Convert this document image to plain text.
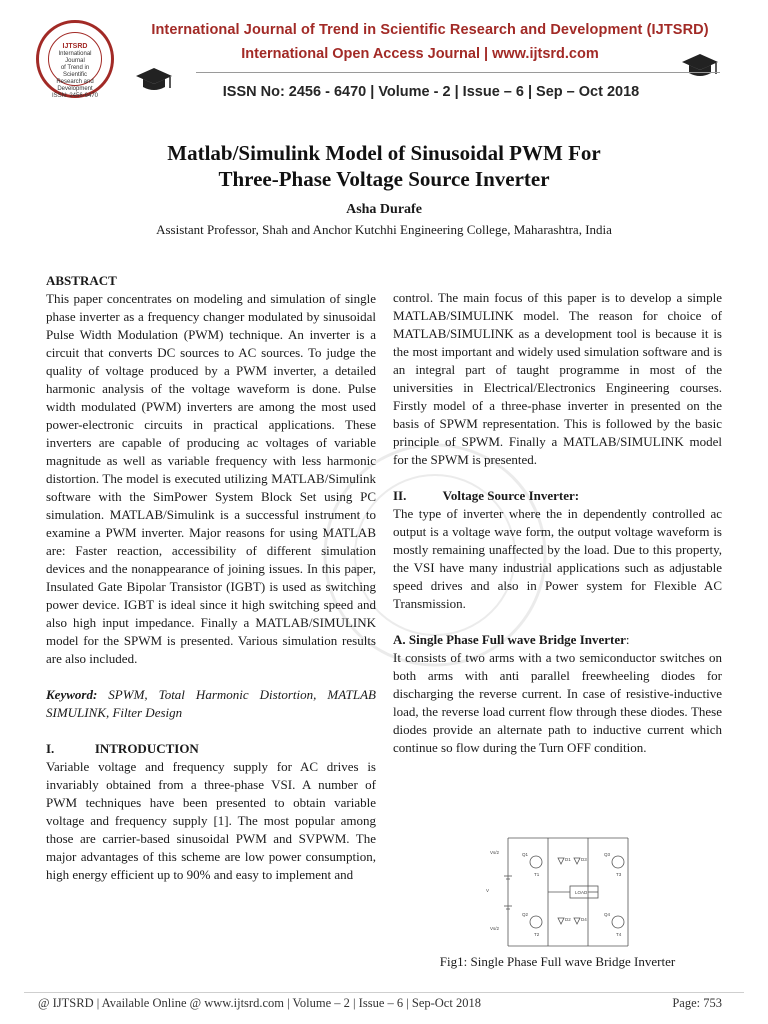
IJTSRD
International Journal
of Trend in Scientific
Research and
Development
ISSN: 2456-6470
International Journal of Trend in Scientific Research and Development (IJTSRD)
International Open Access Journal | www.ijtsrd.com
ISSN No: 2456 - 6470 | Volume - 2 | Issue – 6 | Sep – Oct 2018
Matlab/Simulink Model of Sinusoidal PWM For
Three-Phase Voltage Source Inverter
Asha Durafe
Assistant Professor, Shah and Anchor Kutchhi Engineering College, Maharashtra, India
ABSTRACT

This paper concentrates on modeling and simulation of single phase inverter as a frequency changer modulated by sinusoidal Pulse Width Modulation (PWM) technique. An inverter is a circuit that converts DC sources to AC sources. To judge the quality of voltage produced by a PWM inverter, a detailed harmonic analysis of the voltage waveform is done. Pulse width modulated (PWM) inverters are among the most used power-electronic circuits in practical applications. These inverters are capable of producing ac voltages of variable magnitude as well as variable frequency with less harmonic distortion. The model is executed utilizing MATLAB/Simulink software with the SimPower System Block Set using PC simulation. MATLAB/Simulink is a successful instrument to examine a PWM inverter. Major reasons for using MATLAB are: Faster reaction, accessibility of different simulation devices and the nonappearance of joining issues. In this paper, Insulated Gate Bipolar Transistor (IGBT) is used as switching power device. IGBT is ideal since it high switching speed and also high input impedance. Finally a MATLAB/SIMULINK model for the SPWM is presented. Various simulation results are also included.

Keyword: SPWM, Total Harmonic Distortion, MATLAB SIMULINK, Filter Design

I.	INTRODUCTION

Variable voltage and frequency supply for AC drives is invariably obtained from a three-phase VSI. A number of PWM techniques have been presented to obtain variable voltage and frequency supply [1]. The most popular among those are carrier-based sinusoidal PWM and SVPWM. The major advantages of this scheme are low power consumption, high energy efficient up to 90% and easy to implement and

control. The main focus of this paper is to develop a simple MATLAB/SIMULINK model. The reason for choice of MATLAB/SIMULINK as a development tool is because it is the most important and widely used simulation software and is an integral part of taught programme in most of the universities in Electrical/Electronics Engineering courses. Firstly model of a three-phase inverter in presented on the basis of SPWM representation. This is followed by the basic principle of SPWM. Finally a MATLAB/SIMULINK model for the SPWM is presented.

II.	Voltage Source Inverter:

The type of inverter where the in dependently controlled ac output is a voltage wave form, the output voltage waveform is mostly remaining unaffected by the load. Due to this property, the VSI have many industrial applications such as adjustable speed drives and also in Power system for Flexible AC Transmission.

A. Single Phase Full wave Bridge Inverter:

It consists of two arms with a two semiconductor switches on both arms with anti parallel freewheeling diodes for discharging the reverse current. In case of resistive-inductive load, the reverse load current flow through these diodes. These diodes provide an alternate path to inductive current which continue so flow during the Turn OFF condition.

Vs/2
Vs/2
V	LOAD
Q1
Q2
Q3
Q4
D1
D2
D3
D4
T1
T2
T3
T4
Fig1: Single Phase Full wave Bridge Inverter
@ IJTSRD | Available Online @ www.ijtsrd.com | Volume – 2 | Issue – 6 | Sep-Oct 2018	Page: 753
